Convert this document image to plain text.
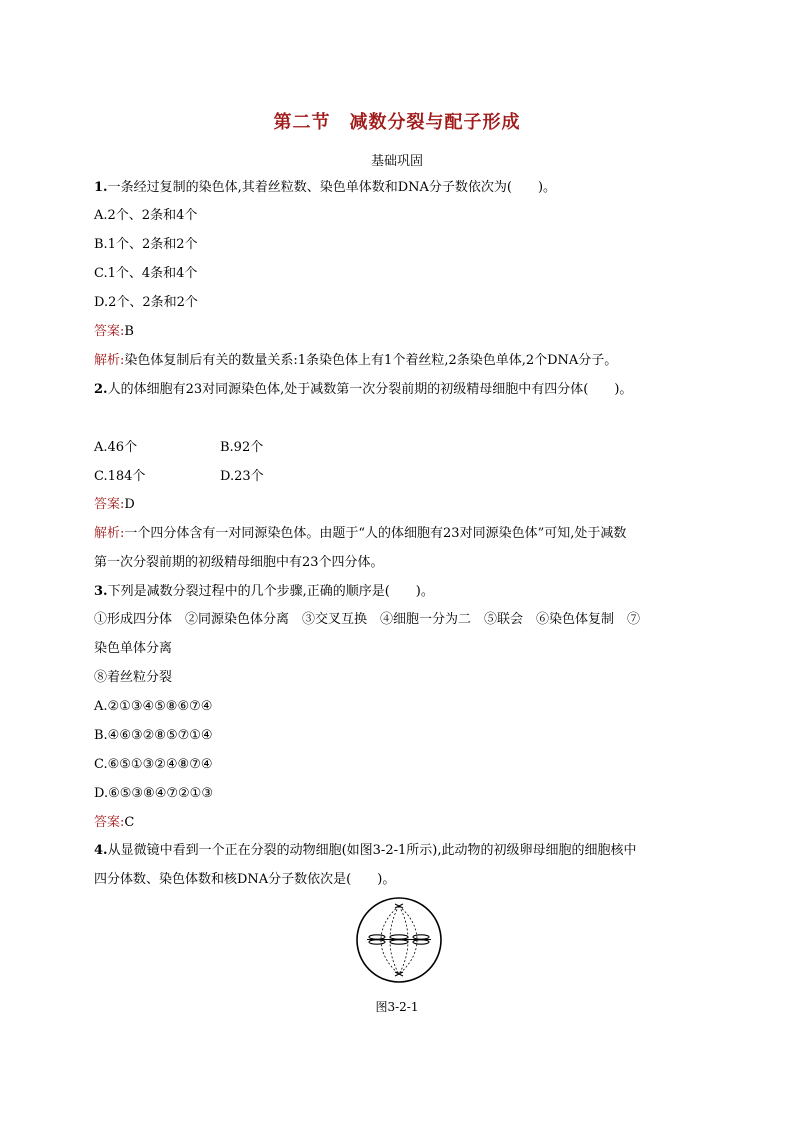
第二节　减数分裂与配子形成
基础巩固
1.一条经过复制的染色体,其着丝粒数、染色单体数和DNA分子数依次为(　　)。
A.2个、2条和4个
B.1个、2条和2个
C.1个、4条和4个
D.2个、2条和2个
答案:B
解析:染色体复制后有关的数量关系:1条染色体上有1个着丝粒,2条染色单体,2个DNA分子。
2.人的体细胞有23对同源染色体,处于减数第一次分裂前期的初级精母细胞中有四分体(　　)。
A.46个	B.92个
C.184个	D.23个
答案:D
解析:一个四分体含有一对同源染色体。由题于“人的体细胞有23对同源染色体”可知,处于减数
第一次分裂前期的初级精母细胞中有23个四分体。
3.下列是减数分裂过程中的几个步骤,正确的顺序是(　　)。
①形成四分体　②同源染色体分离　③交叉互换　④细胞一分为二　⑤联会　⑥染色体复制　⑦
染色单体分离
⑧着丝粒分裂
A.②①③④⑤⑧⑥⑦④
B.④⑥③②⑧⑤⑦①④
C.⑥⑤①③②④⑧⑦④
D.⑥⑤③⑧④⑦②①③
答案:C
4.从显微镜中看到一个正在分裂的动物细胞(如图3-2-1所示),此动物的初级卵母细胞的细胞核中
四分体数、染色体数和核DNA分子数依次是(　　)。
图3-2-1
